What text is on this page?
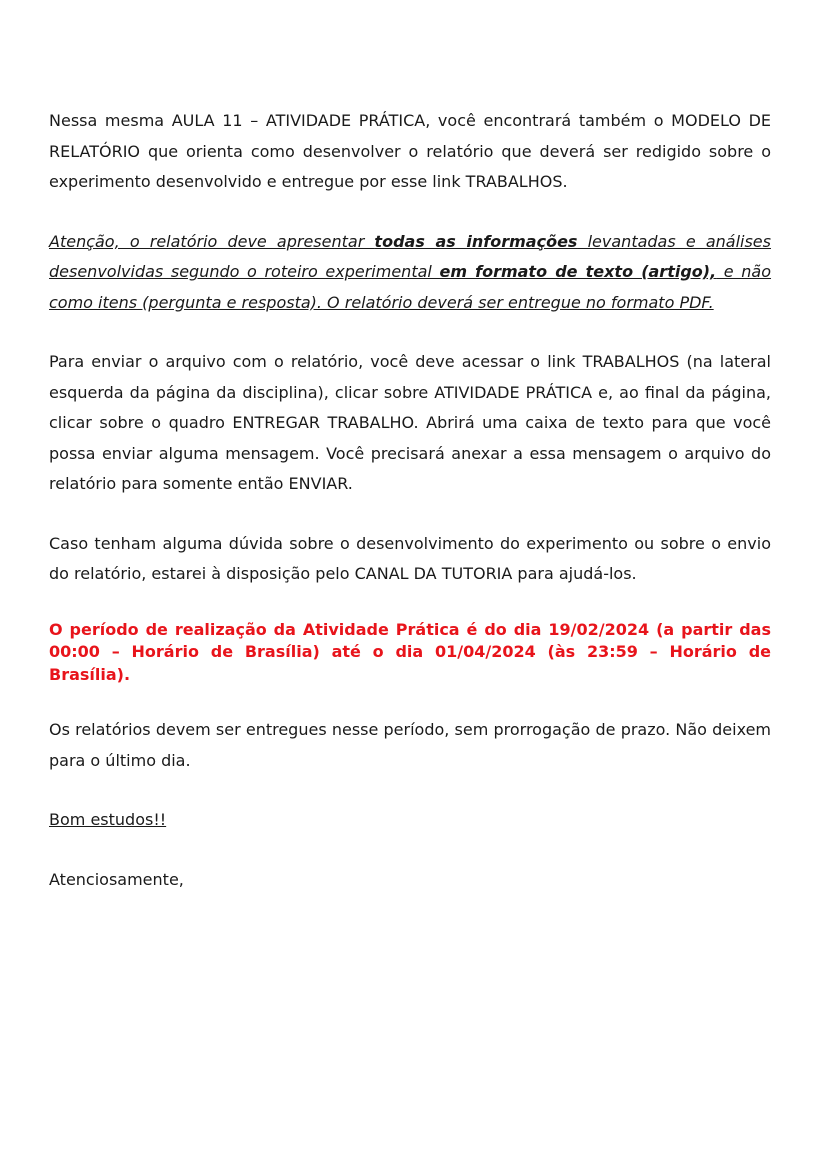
Nessa mesma AULA 11 – ATIVIDADE PRÁTICA, você encontrará também o MODELO DE RELATÓRIO que orienta como desenvolver o relatório que deverá ser redigido sobre o experimento desenvolvido e entregue por esse link TRABALHOS.

Atenção, o relatório deve apresentar todas as informações levantadas e análises desenvolvidas segundo o roteiro experimental em formato de texto (artigo), e não como itens (pergunta e resposta). O relatório deverá ser entregue no formato PDF.

Para enviar o arquivo com o relatório, você deve acessar o link TRABALHOS (na lateral esquerda da página da disciplina), clicar sobre ATIVIDADE PRÁTICA e, ao final da página, clicar sobre o quadro ENTREGAR TRABALHO. Abrirá uma caixa de texto para que você possa enviar alguma mensagem. Você precisará anexar a essa mensagem o arquivo do relatório para somente então ENVIAR.

Caso tenham alguma dúvida sobre o desenvolvimento do experimento ou sobre o envio do relatório, estarei à disposição pelo CANAL DA TUTORIA para ajudá-los.

O período de realização da Atividade Prática é do dia 19/02/2024 (a partir das 00:00 – Horário de Brasília) até o dia 01/04/2024 (às 23:59 – Horário de Brasília).

Os relatórios devem ser entregues nesse período, sem prorrogação de prazo. Não deixem para o último dia.

Bom estudos!!

Atenciosamente,
